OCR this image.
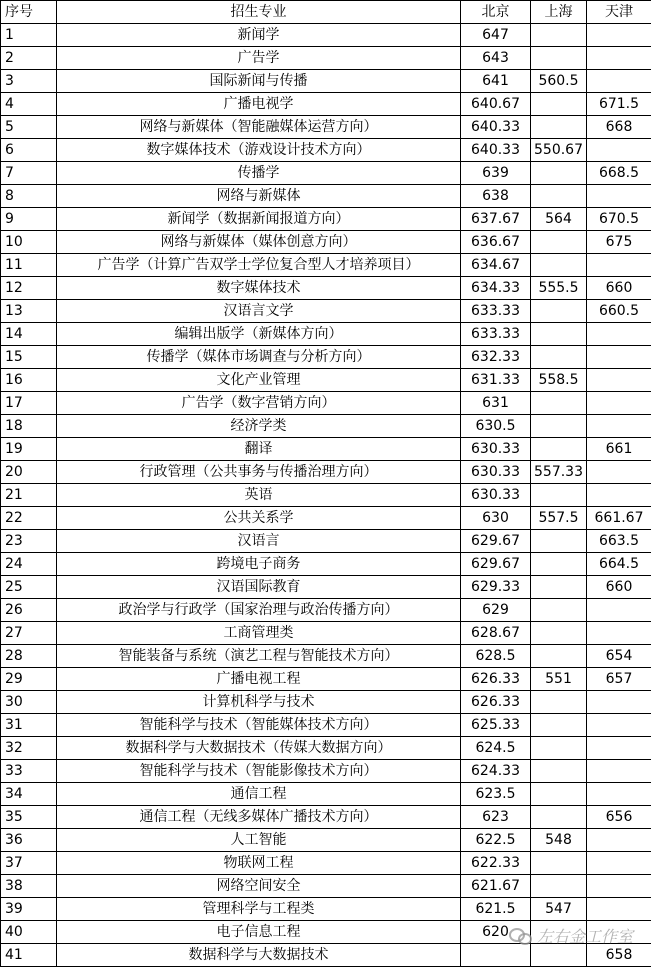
序号	招生专业	北京	上海	天津
1	新闻学	647		
2	广告学	643		
3	国际新闻与传播	641	560.5	
4	广播电视学	640.67		671.5
5	网络与新媒体（智能融媒体运营方向）	640.33		668
6	数字媒体技术（游戏设计技术方向）	640.33	550.67	
7	传播学	639		668.5
8	网络与新媒体	638		
9	新闻学（数据新闻报道方向）	637.67	564	670.5
10	网络与新媒体（媒体创意方向）	636.67		675
11	广告学（计算广告双学士学位复合型人才培养项目）	634.67		
12	数字媒体技术	634.33	555.5	660
13	汉语言文学	633.33		660.5
14	编辑出版学（新媒体方向）	633.33		
15	传播学（媒体市场调查与分析方向）	632.33		
16	文化产业管理	631.33	558.5	
17	广告学（数字营销方向）	631		
18	经济学类	630.5		
19	翻译	630.33		661
20	行政管理（公共事务与传播治理方向）	630.33	557.33	
21	英语	630.33		
22	公共关系学	630	557.5	661.67
23	汉语言	629.67		663.5
24	跨境电子商务	629.67		664.5
25	汉语国际教育	629.33		660
26	政治学与行政学（国家治理与政治传播方向）	629		
27	工商管理类	628.67		
28	智能装备与系统（演艺工程与智能技术方向）	628.5		654
29	广播电视工程	626.33	551	657
30	计算机科学与技术	626.33		
31	智能科学与技术（智能媒体技术方向）	625.33		
32	数据科学与大数据技术（传媒大数据方向）	624.5		
33	智能科学与技术（智能影像技术方向）	624.33		
34	通信工程	623.5		
35	通信工程（无线多媒体广播技术方向）	623		656
36	人工智能	622.5	548	
37	物联网工程	622.33		
38	网络空间安全	621.67		
39	管理科学与工程类	621.5	547	
40	电子信息工程	620		
41	数据科学与大数据技术			658
左右金工作室
